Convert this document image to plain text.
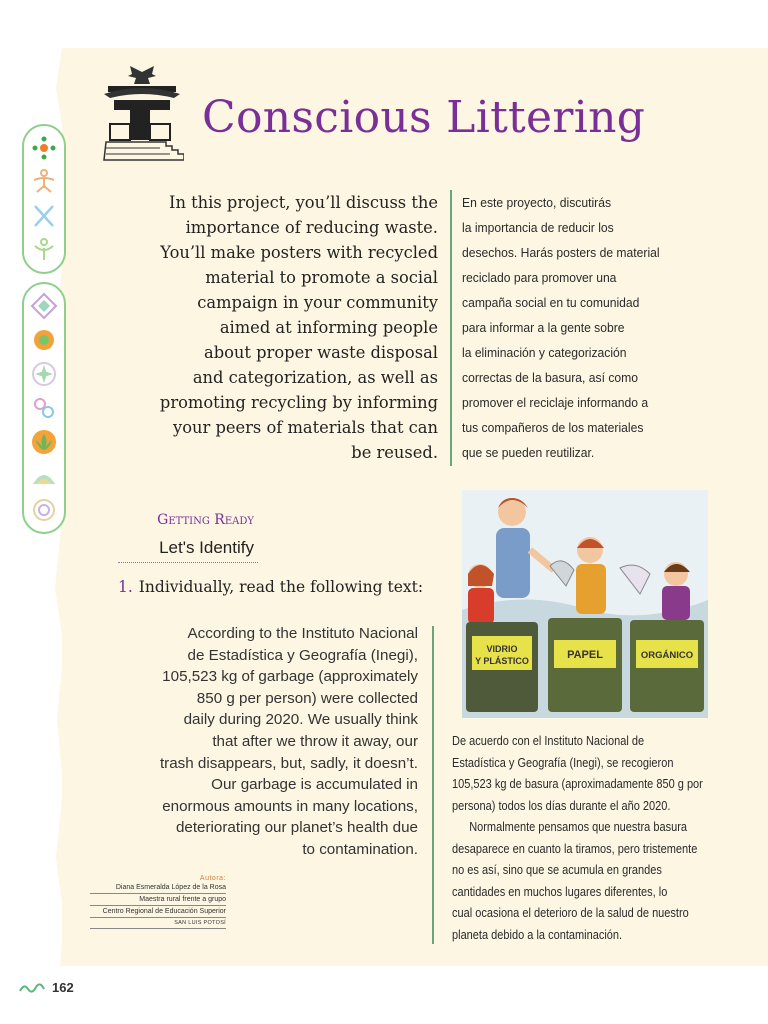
Conscious Littering
In this project, you’ll discuss the
importance of reducing waste.
You’ll make posters with recycled
material to promote a social
campaign in your community
aimed at informing people
about proper waste disposal
and categorization, as well as
promoting recycling by informing
your peers of materials that can
be reused.
En este proyecto, discutirás
la importancia de reducir los
desechos. Harás posters de material
reciclado para promover una
campaña social en tu comunidad
para informar a la gente sobre
la eliminación y categorización
correctas de la basura, así como
promover el reciclaje informando a
tus compañeros de los materiales
que se pueden reutilizar.
Getting Ready
Let's Identify
1. Individually, read the following text:
According to the Instituto Nacional
de Estadística y Geografía (Inegi),
105,523 kg of garbage (approximately
850 g per person) were collected
daily during 2020. We usually think
that after we throw it away, our
trash disappears, but, sadly, it doesn’t.
Our garbage is accumulated in
enormous amounts in many locations,
deteriorating our planet’s health due
to contamination.
Autora:
Diana Esmeralda López de la Rosa
Maestra rural frente a grupo
Centro Regional de Educación Superior
SAN LUIS POTOSÍ
VIDRIO
Y PLÁSTICO	PAPEL	ORGÁNICO
De acuerdo con el Instituto Nacional de
Estadística y Geografía (Inegi), se recogieron
105,523 kg de basura (aproximadamente 850 g por
persona) todos los días durante el año 2020.
Normalmente pensamos que nuestra basura
desaparece en cuanto la tiramos, pero tristemente
no es así, sino que se acumula en grandes
cantidades en muchos lugares diferentes, lo
cual ocasiona el deterioro de la salud de nuestro
planeta debido a la contaminación.
162
